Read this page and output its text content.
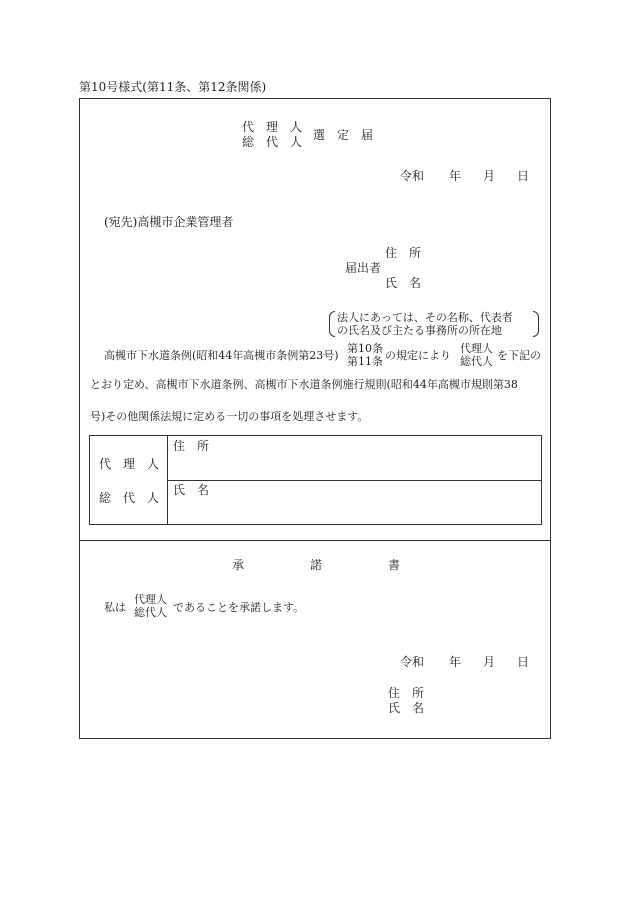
第10号様式(第11条、第12条関係)
代　理　人
総　代　人 選　定　届
令和 年 月 日
(宛先)高槻市企業管理者
住　所
届出者
氏　名
法人にあっては、その名称、代表者
の氏名及び主たる事務所の所在地
高槻市下水道条例(昭和44年高槻市条例第23号)
第10条
第11条 の規定により
代理人
総代人 を下記の
とおり定め、高槻市下水道条例、高槻市下水道条例施行規則(昭和44年高槻市規則第38
号)その他関係法規に定める一切の事項を処理させます。
代　理　人
総　代　人
住　所
氏　名
承	諾	書
私は
代理人
総代人 であることを承諾します。
令和 年 月 日
住　所
氏　名
